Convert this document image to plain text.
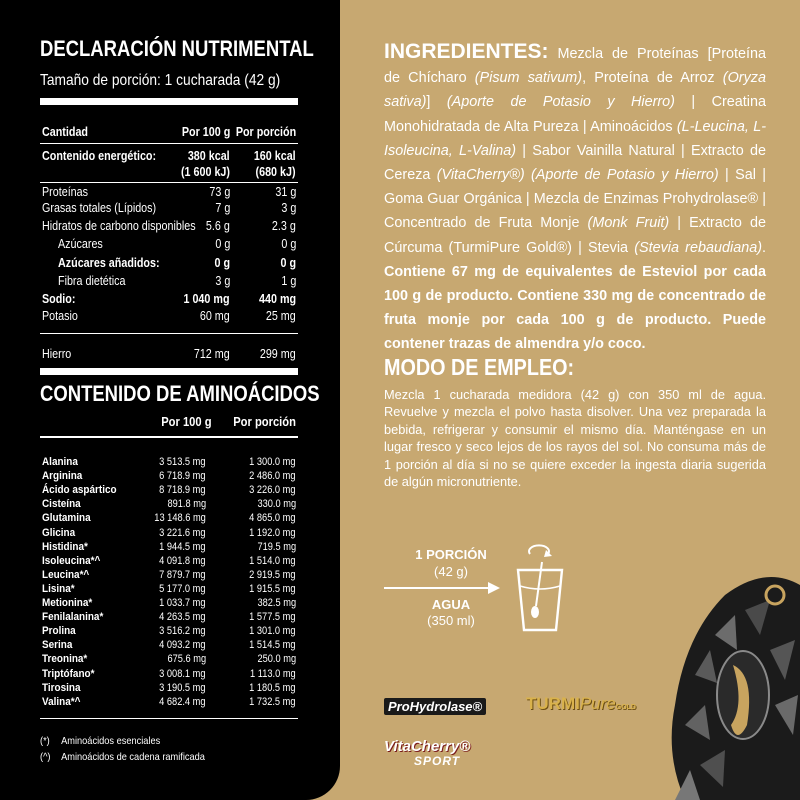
DECLARACIÓN NUTRIMENTAL
Tamaño de porción: 1 cucharada (42 g)
Cantidad	Por 100 g Por porción
Contenido energético:	380 kcal 160 kcal
(1 600 kJ) (680 kJ)
Proteínas	73 g	31 g
Grasas totales (Lípidos)	7 g	3 g
Hidratos de carbono disponibles 5.6 g	2.3 g
Azúcares	0 g	0 g
Azúcares añadidos:	0 g	0 g
Fibra dietética	3 g	1 g
Sodio:	1 040 mg 440 mg
Potasio	60 mg	25 mg
Hierro	712 mg 299 mg
CONTENIDO DE AMINOÁCIDOS
Por 100 g Por porción
Alanina	3 513.5 mg	1 300.0 mg
Arginina	6 718.9 mg	2 486.0 mg
Ácido aspártico	8 718.9 mg	3 226.0 mg
Cisteína	891.8 mg	330.0 mg
Glutamina	13 148.6 mg	4 865.0 mg
Glicina	3 221.6 mg	1 192.0 mg
Histidina*	1 944.5 mg	719.5 mg
Isoleucina*^	4 091.8 mg	1 514.0 mg
Leucina*^	7 879.7 mg	2 919.5 mg
Lisina*	5 177.0 mg	1 915.5 mg
Metionina*	1 033.7 mg	382.5 mg
Fenilalanina*	4 263.5 mg	1 577.5 mg
Prolina	3 516.2 mg	1 301.0 mg
Serina	4 093.2 mg	1 514.5 mg
Treonina*	675.6 mg	250.0 mg
Triptófano*	3 008.1 mg	1 113.0 mg
Tirosina	3 190.5 mg	1 180.5 mg
Valina*^	4 682.4 mg	1 732.5 mg
(*) Aminoácidos esenciales
(^) Aminoácidos de cadena ramificada
INGREDIENTES: Mezcla de Proteínas [Proteína de Chícharo (Pisum sativum), Proteína de Arroz (Oryza sativa)] (Aporte de Potasio y Hierro) | Creatina Monohidratada de Alta Pureza | Aminoácidos (L-Leucina, L-Isoleucina, L-Valina) | Sabor Vainilla Natural | Extracto de Cereza (VitaCherry®) (Aporte de Potasio y Hierro) | Sal | Goma Guar Orgánica | Mezcla de Enzimas Prohydrolase® | Concentrado de Fruta Monje (Monk Fruit) | Extracto de Cúrcuma (TurmiPure Gold®) | Stevia (Stevia rebaudiana). Contiene 67 mg de equivalentes de Esteviol por cada 100 g de producto. Contiene 330 mg de concentrado de fruta monje por cada 100 g de producto. Puede contener trazas de almendra y/o coco.
MODO DE EMPLEO:
Mezcla 1 cucharada medidora (42 g) con 350 ml de agua. Revuelve y mezcla el polvo hasta disolver. Una vez preparada la bebida, refrigerar y consumir el mismo día. Manténgase en un lugar fresco y seco lejos de los rayos del sol. No consuma más de 1 porción al día si no se quiere exceder la ingesta diaria sugerida de algún micronutriente.
1 PORCIÓN
(42 g)
AGUA
(350 ml)
ProHydrolase®	TURMIPureGOLD
VitaCherry®
SPORT
